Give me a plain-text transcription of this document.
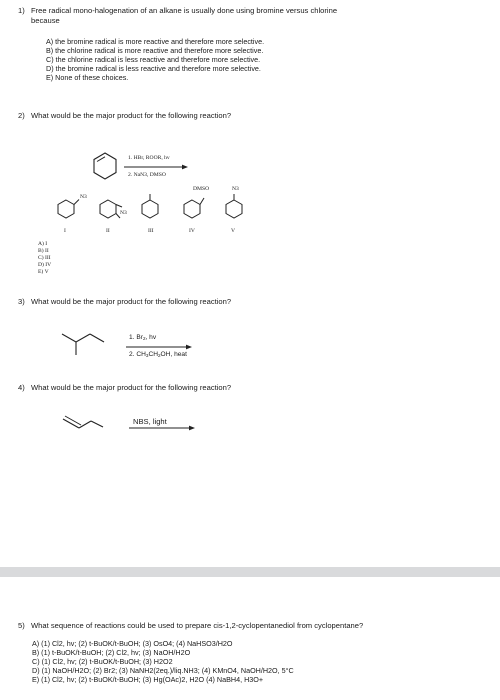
1) Free radical mono-halogenation of an alkane is usually done using bromine versus chlorine
because
A) the bromine radical is more reactive and therefore more selective.
B) the chlorine radical is more reactive and therefore more selective.
C) the chlorine radical is less reactive and therefore more selective.
D) the bromine radical is less reactive and therefore more selective.
E) None of these choices.
2) What would be the major product for the following reaction?
1. HBr, ROOR, hv
2. NaN3, DMSO
N3
N3
DMSO	N3
I	II	III	IV	V
A) I
B) II
C) III
D) IV
E) V
3) What would be the major product for the following reaction?
1. $Br_2$, hv
2. $CH_3CH_2OH$, heat
4) What would be the major product for the following reaction?
NBS, light
5) What sequence of reactions could be used to prepare cis-1,2-cyclopentanediol from cyclopentane?
A) (1) Cl2, hv; (2) t-BuOK/t-BuOH; (3) OsO4; (4) NaHSO3/H2O
B) (1) t-BuOK/t-BuOH; (2) Cl2, hv; (3) NaOH/H2O
C) (1) Cl2, hv; (2) t-BuOK/t-BuOH; (3) H2O2
D) (1) NaOH/H2O; (2) Br2; (3) NaNH2(2eq.)/liq.NH3; (4) KMnO4, NaOH/H2O, 5°C
E) (1) Cl2, hv; (2) t-BuOK/t-BuOH; (3) Hg(OAc)2, H2O (4) NaBH4, H3O+
